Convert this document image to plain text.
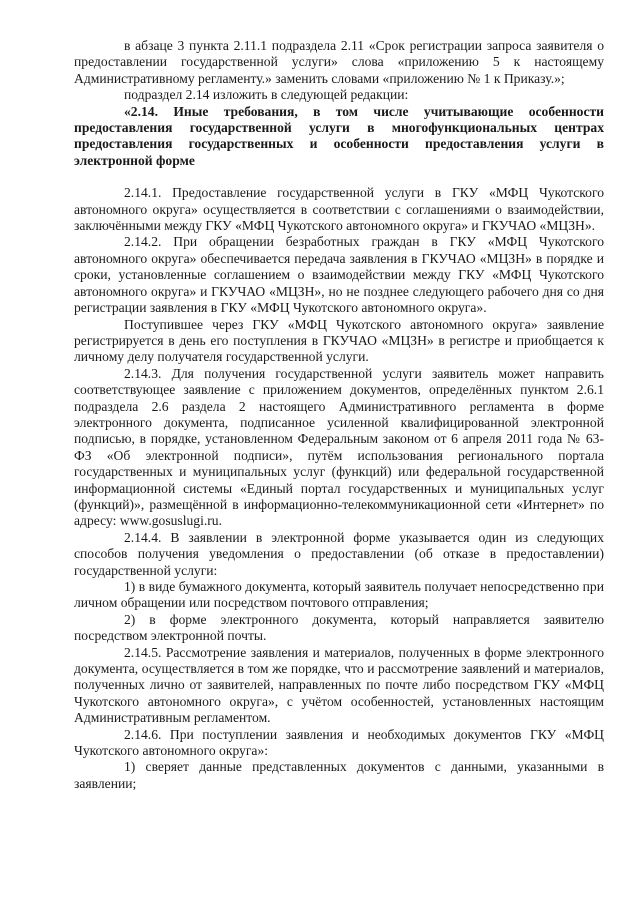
в абзаце 3 пункта 2.11.1 подраздела 2.11 «Срок регистрации запроса заявителя о предоставлении государственной услуги» слова «приложению 5 к настоящему Административному регламенту.» заменить словами «приложению № 1 к Приказу.»;

подраздел 2.14 изложить в следующей редакции:

«2.14. Иные требования, в том числе учитывающие особенности предоставления государственной услуги в многофункциональных центрах предоставления государственных и особенности предоставления услуги в электронной форме

2.14.1. Предоставление государственной услуги в ГКУ «МФЦ Чукотского автономного округа» осуществляется в соответствии с соглашениями о взаимодействии, заключёнными между ГКУ «МФЦ Чукотского автономного округа» и ГКУЧАО «МЦЗН».

2.14.2. При обращении безработных граждан в ГКУ «МФЦ Чукотского автономного округа» обеспечивается передача заявления в ГКУЧАО «МЦЗН» в порядке и сроки, установленные соглашением о взаимодействии между ГКУ «МФЦ Чукотского автономного округа» и ГКУЧАО «МЦЗН», но не позднее следующего рабочего дня со дня регистрации заявления в ГКУ «МФЦ Чукотского автономного округа».

Поступившее через ГКУ «МФЦ Чукотского автономного округа» заявление регистрируется в день его поступления в ГКУЧАО «МЦЗН» в регистре и приобщается к личному делу получателя государственной услуги.

2.14.3. Для получения государственной услуги заявитель может направить соответствующее заявление с приложением документов, определённых пунктом 2.6.1 подраздела 2.6 раздела 2 настоящего Административного регламента в форме электронного документа, подписанное усиленной квалифицированной электронной подписью, в порядке, установленном Федеральным законом от 6 апреля 2011 года № 63-ФЗ «Об электронной подписи», путём использования регионального портала государственных и муниципальных услуг (функций) или федеральной государственной информационной системы «Единый портал государственных и муниципальных услуг (функций)», размещённой в информационно-телекоммуникационной сети «Интернет» по адресу: www.gosuslugi.ru.

2.14.4. В заявлении в электронной форме указывается один из следующих способов получения уведомления о предоставлении (об отказе в предоставлении) государственной услуги:

1) в виде бумажного документа, который заявитель получает непосредственно при личном обращении или посредством почтового отправления;

2) в форме электронного документа, который направляется заявителю посредством электронной почты.

2.14.5. Рассмотрение заявления и материалов, полученных в форме электронного документа, осуществляется в том же порядке, что и рассмотрение заявлений и материалов, полученных лично от заявителей, направленных по почте либо посредством ГКУ «МФЦ Чукотского автономного округа», с учётом особенностей, установленных настоящим Административным регламентом.

2.14.6. При поступлении заявления и необходимых документов ГКУ «МФЦ Чукотского автономного округа»:

1) сверяет данные представленных документов с данными, указанными в заявлении;
